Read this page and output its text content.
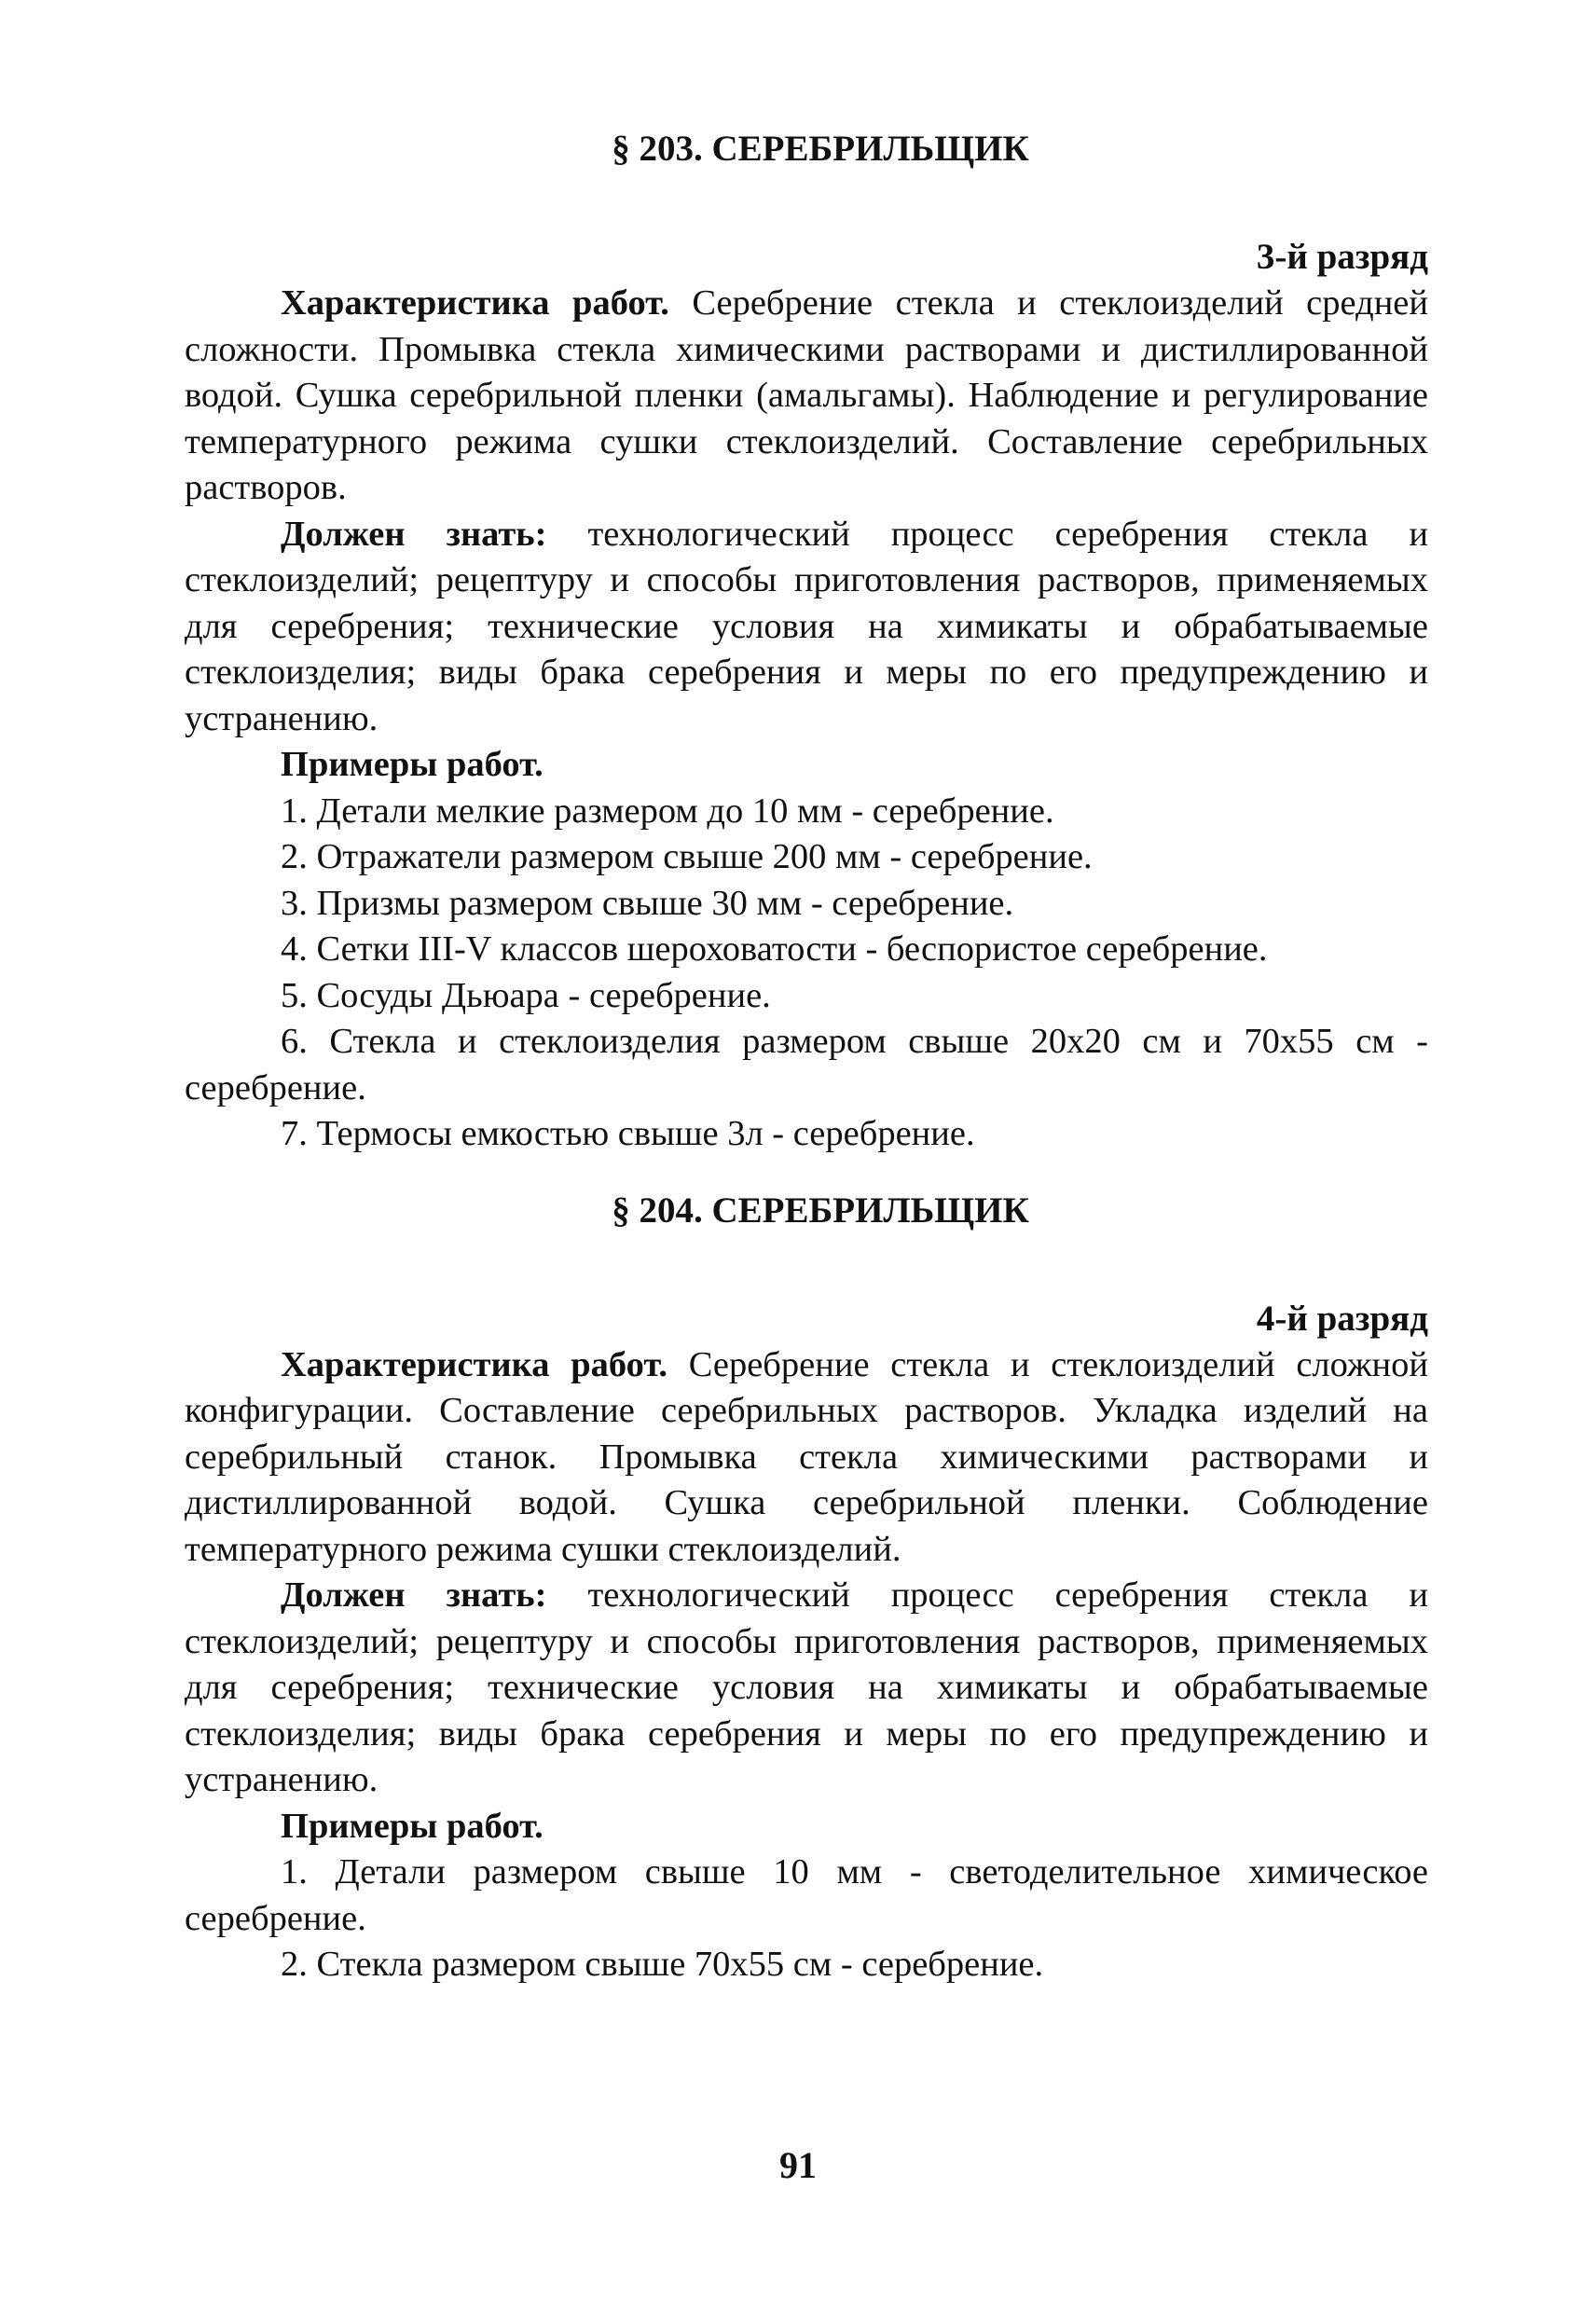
§ 203. СЕРЕБРИЛЬЩИК

3-й разряд

Характеристика работ. Серебрение стекла и стеклоизделий средней сложности. Промывка стекла химическими растворами и дистиллированной водой. Сушка серебрильной пленки (амальгамы). Наблюдение и регулирование температурного режима сушки стеклоизделий. Составление серебрильных растворов.

Должен знать: технологический процесс серебрения стекла и стеклоизделий; рецептуру и способы приготовления растворов, применяемых для серебрения; технические условия на химикаты и обрабатываемые стеклоизделия; виды брака серебрения и меры по его предупреждению и устранению.

Примеры работ.

1. Детали мелкие размером до 10 мм - серебрение.

2. Отражатели размером свыше 200 мм - серебрение.

3. Призмы размером свыше 30 мм - серебрение.

4. Сетки III-V классов шероховатости - беспористое серебрение.

5. Сосуды Дьюара - серебрение.

6. Стекла и стеклоизделия размером свыше 20x20 см и 70x55 см - серебрение.

7. Термосы емкостью свыше 3л - серебрение.

§ 204. СЕРЕБРИЛЬЩИК

4-й разряд

Характеристика работ. Серебрение стекла и стеклоизделий сложной конфигурации. Составление серебрильных растворов. Укладка изделий на серебрильный станок. Промывка стекла химическими растворами и дистиллированной водой. Сушка серебрильной пленки. Соблюдение температурного режима сушки стеклоизделий.

Должен знать: технологический процесс серебрения стекла и стеклоизделий; рецептуру и способы приготовления растворов, применяемых для серебрения; технические условия на химикаты и обрабатываемые стеклоизделия; виды брака серебрения и меры по его предупреждению и устранению.

Примеры работ.

1. Детали размером свыше 10 мм - светоделительное химическое серебрение.

2. Стекла размером свыше 70x55 см - серебрение.

91
